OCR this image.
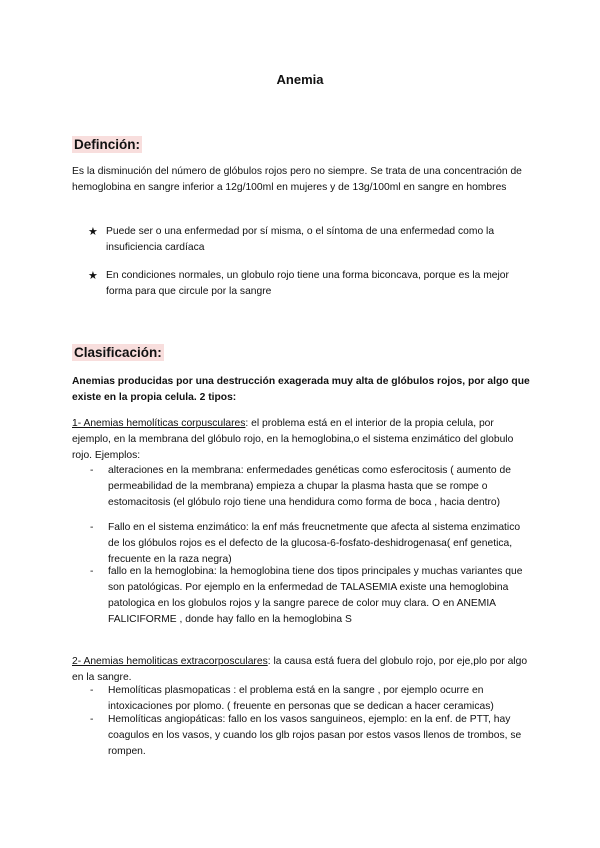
Anemia
Definción:
Es la disminución del número de glóbulos rojos pero no siempre. Se trata de una concentración de hemoglobina en sangre inferior a 12g/100ml en mujeres y de 13g/100ml en sangre en hombres
★ Puede ser o una enfermedad por sí misma, o el síntoma de una enfermedad como la insuficiencia cardíaca
★ En condiciones normales, un globulo rojo tiene una forma biconcava, porque es la mejor forma para que circule por la sangre
Clasificación:
Anemias producidas por una destrucción exagerada muy alta de glóbulos rojos, por algo que existe en la propia celula. 2 tipos:
1- Anemias hemolíticas corpusculares: el problema está en el interior de la propia celula, por ejemplo, en la membrana del glóbulo rojo, en la hemoglobina,o el sistema enzimático del globulo rojo. Ejemplos:
- alteraciones en la membrana: enfermedades genéticas como esferocitosis ( aumento de permeabilidad de la membrana) empieza a chupar la plasma hasta que se rompe o estomacitosis (el glóbulo rojo tiene una hendidura como forma de boca , hacia dentro)
- Fallo en el sistema enzimático: la enf más freucnetmente que afecta al sistema enzimatico de los glóbulos rojos es el defecto de la glucosa-6-fosfato-deshidrogenasa( enf genetica, frecuente en la raza negra)
- fallo en la hemoglobina: la hemoglobina tiene dos tipos principales y muchas variantes que son patológicas. Por ejemplo en la enfermedad de TALASEMIA existe una hemoglobina patologica en los globulos rojos y la sangre parece de color muy clara. O en ANEMIA FALICIFORME , donde hay fallo en la hemoglobina S
2- Anemias hemoliticas extracorposculares: la causa está fuera del globulo rojo, por eje,plo por algo en la sangre.
- Hemolíticas plasmopaticas : el problema está en la sangre , por ejemplo ocurre en intoxicaciones por plomo. ( freuente en personas que se dedican a hacer ceramicas)
- Hemolíticas angiopáticas: fallo en los vasos sanguineos, ejemplo: en la enf. de PTT, hay coagulos en los vasos, y cuando los glb rojos pasan por estos vasos llenos de trombos, se rompen.
